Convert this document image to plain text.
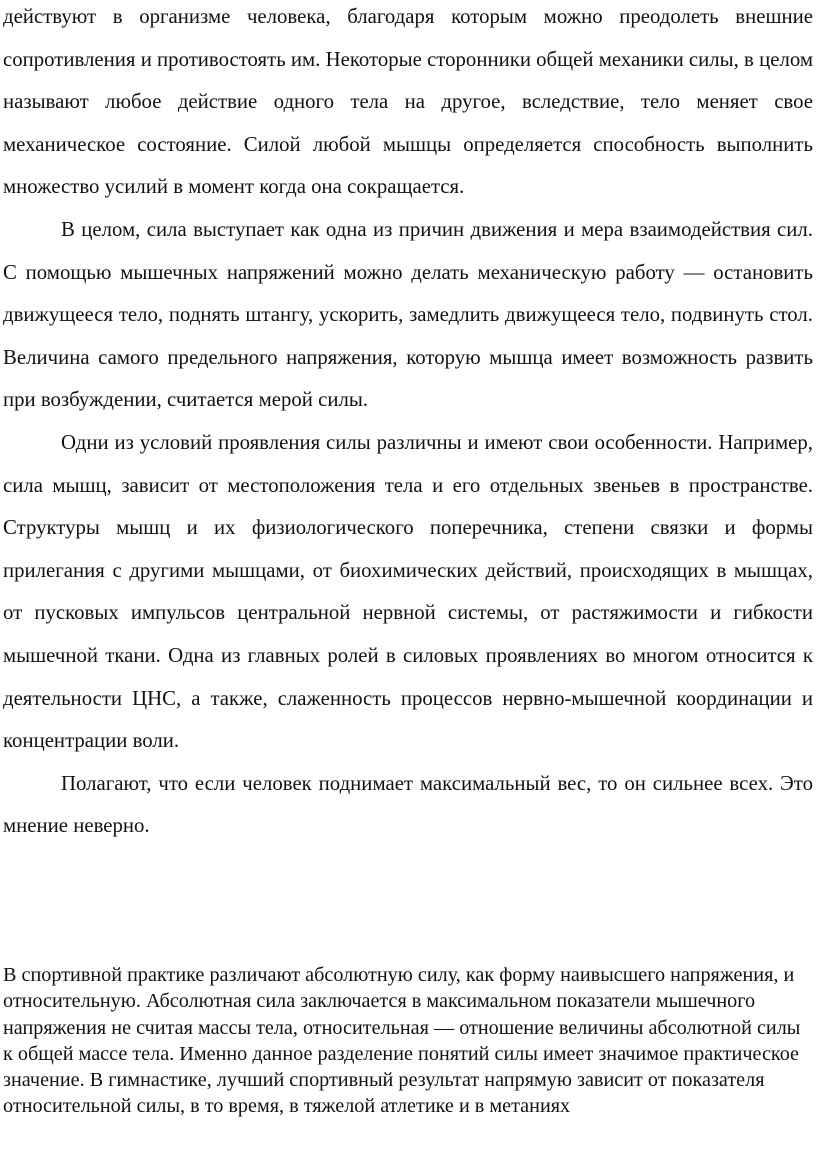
действуют в организме человека, благодаря которым можно преодолеть внешние сопротивления и противостоять им. Некоторые сторонники общей механики силы, в целом называют любое действие одного тела на другое, вследствие, тело меняет свое механическое состояние. Силой любой мышцы определяется способность выполнить множество усилий в момент когда она сокращается.

В целом, сила выступает как одна из причин движения и мера взаимодействия сил. С помощью мышечных напряжений можно делать механическую работу — остановить движущееся тело, поднять штангу, ускорить, замедлить движущееся тело, подвинуть стол. Величина самого предельного напряжения, которую мышца имеет возможность развить при возбуждении, считается мерой силы.

Одни из условий проявления силы различны и имеют свои особенности. Например, сила мышц, зависит от местоположения тела и его отдельных звеньев в пространстве. Структуры мышц и их физиологического поперечника, степени связки и формы прилегания с другими мышцами, от биохимических действий, происходящих в мышцах, от пусковых импульсов центральной нервной системы, от растяжимости и гибкости мышечной ткани. Одна из главных ролей в силовых проявлениях во многом относится к деятельности ЦНС, а также, слаженность процессов нервно-мышечной координации и концентрации воли.

Полагают, что если человек поднимает максимальный вес, то он сильнее всех. Это мнение неверно.

В спортивной практике различают абсолютную силу, как форму наивысшего напряжения, и относительную. Абсолютная сила заключается в максимальном показатели мышечного напряжения не считая массы тела, относительная — отношение величины абсолютной силы к общей массе тела. Именно данное разделение понятий силы имеет значимое практическое значение. В гимнастике, лучший спортивный результат напрямую зависит от показателя относительной силы, в то время, в тяжелой атлетике и в метаниях
